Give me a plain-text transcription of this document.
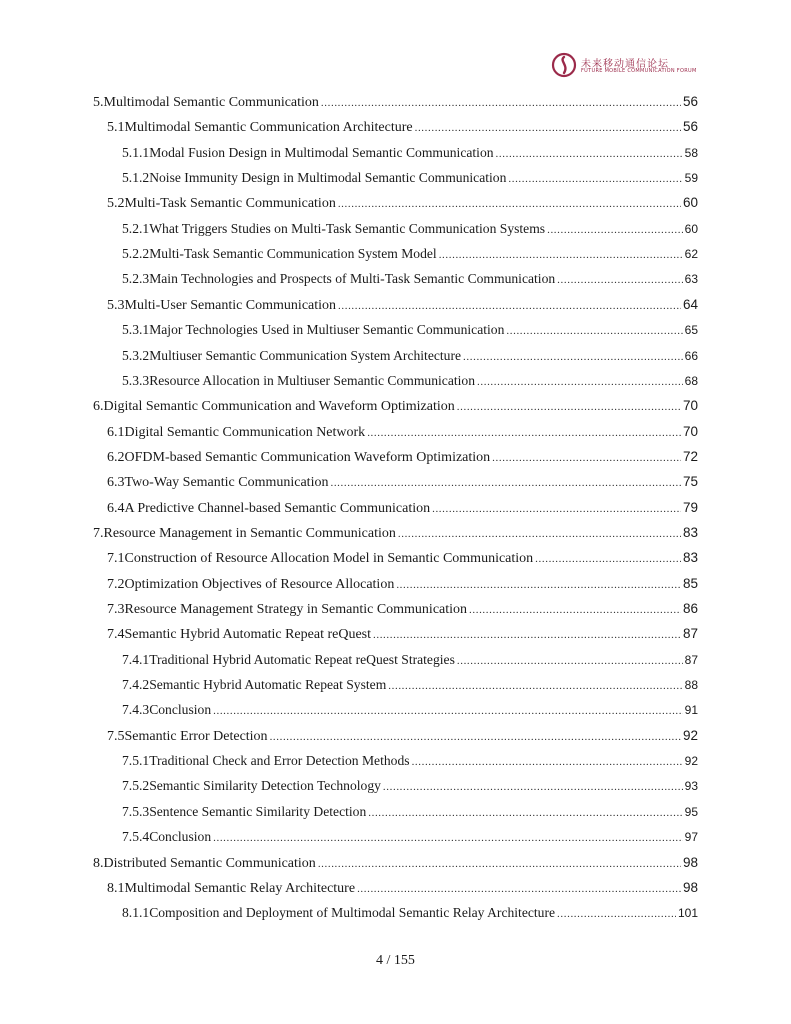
未来移动通信论坛
FUTURE MOBILE COMMUNICATION FORUM
5.Multimodal Semantic Communication .....	56
5.1Multimodal Semantic Communication Architecture .....	56
5.1.1Modal Fusion Design in Multimodal Semantic Communication .....	58
5.1.2Noise Immunity Design in Multimodal Semantic Communication .....	59
5.2Multi-Task Semantic Communication .....	60
5.2.1What Triggers Studies on Multi-Task Semantic Communication Systems .....	60
5.2.2Multi-Task Semantic Communication System Model .....	62
5.2.3Main Technologies and Prospects of Multi-Task Semantic Communication .....	63
5.3Multi-User Semantic Communication .....	64
5.3.1Major Technologies Used in Multiuser Semantic Communication .....	65
5.3.2Multiuser Semantic Communication System Architecture .....	66
5.3.3Resource Allocation in Multiuser Semantic Communication .....	68
6.Digital Semantic Communication and Waveform Optimization .....	70
6.1Digital Semantic Communication Network .....	70
6.2OFDM-based Semantic Communication Waveform Optimization .....	72
6.3Two-Way Semantic Communication .....	75
6.4A Predictive Channel-based Semantic Communication .....	79
7.Resource Management in Semantic Communication .....	83
7.1Construction of Resource Allocation Model in Semantic Communication .....	83
7.2Optimization Objectives of Resource Allocation .....	85
7.3Resource Management Strategy in Semantic Communication .....	86
7.4Semantic Hybrid Automatic Repeat reQuest .....	87
7.4.1Traditional Hybrid Automatic Repeat reQuest Strategies .....	87
7.4.2Semantic Hybrid Automatic Repeat System .....	88
7.4.3Conclusion .....	91
7.5Semantic Error Detection .....	92
7.5.1Traditional Check and Error Detection Methods .....	92
7.5.2Semantic Similarity Detection Technology .....	93
7.5.3Sentence Semantic Similarity Detection .....	95
7.5.4Conclusion .....	97
8.Distributed Semantic Communication .....	98
8.1Multimodal Semantic Relay Architecture .....	98
8.1.1Composition and Deployment of Multimodal Semantic Relay Architecture .....	101
4 / 155
